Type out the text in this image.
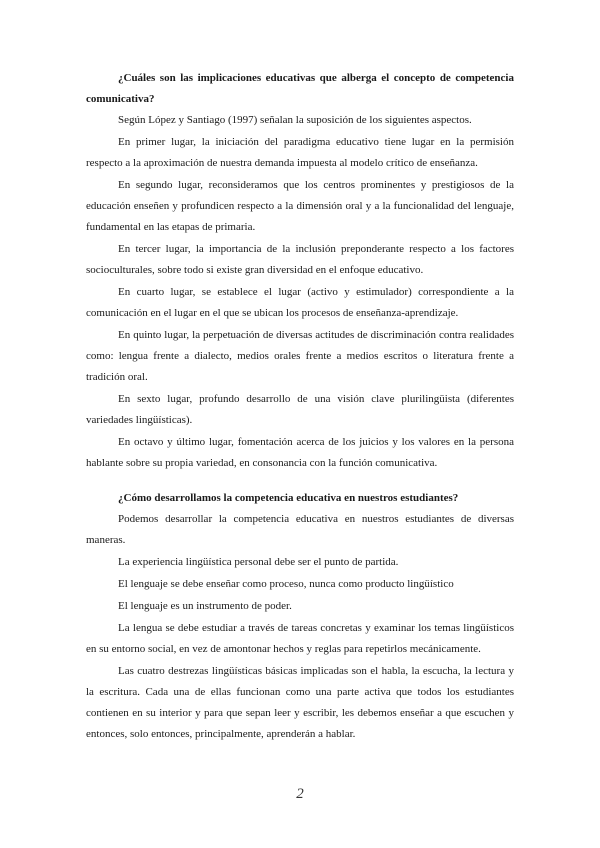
¿Cuáles son las implicaciones educativas que alberga el concepto de competencia comunicativa?

Según López y Santiago (1997) señalan la suposición de los siguientes aspectos.

En primer lugar, la iniciación del paradigma educativo tiene lugar en la permisión respecto a la aproximación de nuestra demanda impuesta al modelo crítico de enseñanza.

En segundo lugar, reconsideramos que los centros prominentes y prestigiosos de la educación enseñen y profundicen respecto a la dimensión oral y a la funcionalidad del lenguaje, fundamental en las etapas de primaria.

En tercer lugar, la importancia de la inclusión preponderante respecto a los factores socioculturales, sobre todo si existe gran diversidad en el enfoque educativo.

En cuarto lugar, se establece el lugar (activo y estimulador) correspondiente a la comunicación en el lugar en el que se ubican los procesos de enseñanza-aprendizaje.

En quinto lugar, la perpetuación de diversas actitudes de discriminación contra realidades como: lengua frente a dialecto, medios orales frente a medios escritos o literatura frente a tradición oral.

En sexto lugar, profundo desarrollo de una visión clave plurilingüista (diferentes variedades lingüísticas).

En octavo y último lugar, fomentación acerca de los juicios y los valores en la persona hablante sobre su propia variedad, en consonancia con la función comunicativa.

¿Cómo desarrollamos la competencia educativa en nuestros estudiantes?

Podemos desarrollar la competencia educativa en nuestros estudiantes de diversas maneras.

La experiencia lingüística personal debe ser el punto de partida.

El lenguaje se debe enseñar como proceso, nunca como producto lingüístico

El lenguaje es un instrumento de poder.

La lengua se debe estudiar a través de tareas concretas y examinar los temas lingüísticos en su entorno social, en vez de amontonar hechos y reglas para repetirlos mecánicamente.

Las cuatro destrezas lingüísticas básicas implicadas son el habla, la escucha, la lectura y la escritura. Cada una de ellas funcionan como una parte activa que todos los estudiantes contienen en su interior y para que sepan leer y escribir, les debemos enseñar a que escuchen y entonces, solo entonces, principalmente, aprenderán a hablar.

2
